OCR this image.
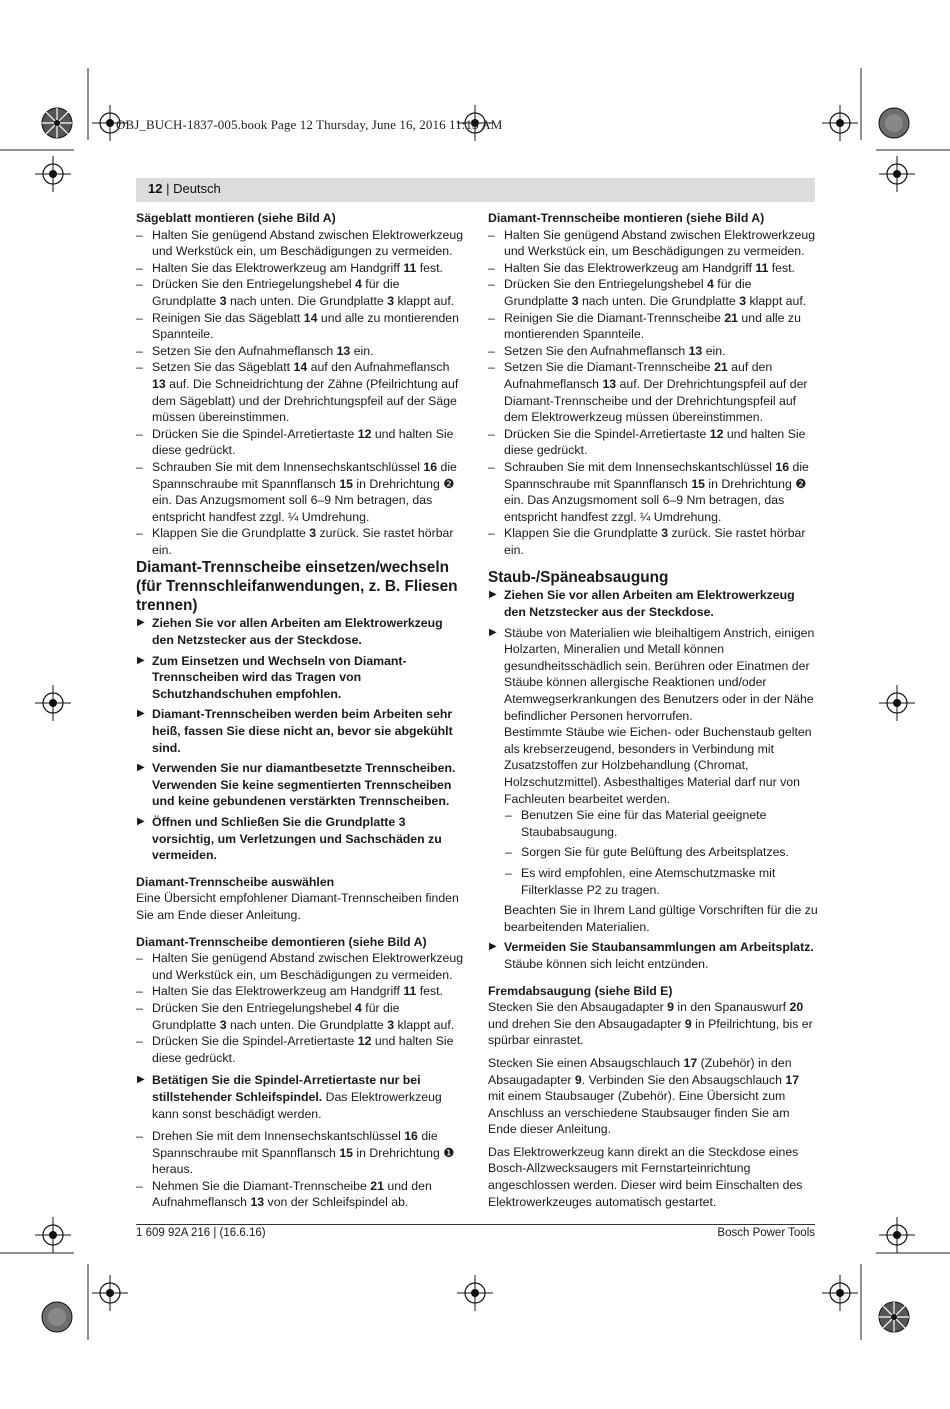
OBJ_BUCH-1837-005.book Page 12 Thursday, June 16, 2016 11:13 AM
12 | Deutsch

Sägeblatt montieren (siehe Bild A)

– Halten Sie genügend Abstand zwischen Elektrowerkzeug und Werkstück ein, um Beschädigungen zu vermeiden.
– Halten Sie das Elektrowerkzeug am Handgriff 11 fest.
– Drücken Sie den Entriegelungshebel 4 für die Grundplatte 3 nach unten. Die Grundplatte 3 klappt auf.
– Reinigen Sie das Sägeblatt 14 und alle zu montierenden Spannteile.
– Setzen Sie den Aufnahmeflansch 13 ein.
– Setzen Sie das Sägeblatt 14 auf den Aufnahmeflansch 13 auf. Die Schneidrichtung der Zähne (Pfeilrichtung auf dem Sägeblatt) und der Drehrichtungspfeil auf der Säge müssen übereinstimmen.
– Drücken Sie die Spindel-Arretiertaste 12 und halten Sie diese gedrückt.
– Schrauben Sie mit dem Innensechskantschlüssel 16 die Spannschraube mit Spannflansch 15 in Drehrichtung ❷ ein. Das Anzugsmoment soll 6–9 Nm betragen, das entspricht handfest zzgl. ¼ Umdrehung.
– Klappen Sie die Grundplatte 3 zurück. Sie rastet hörbar ein.

Diamant-Trennscheibe einsetzen/wechseln (für Trennschleifanwendungen, z. B. Fliesen trennen)

▶ Ziehen Sie vor allen Arbeiten am Elektrowerkzeug den Netzstecker aus der Steckdose.
▶ Zum Einsetzen und Wechseln von Diamant-Trennscheiben wird das Tragen von Schutzhandschuhen empfohlen.
▶ Diamant-Trennscheiben werden beim Arbeiten sehr heiß, fassen Sie diese nicht an, bevor sie abgekühlt sind.
▶ Verwenden Sie nur diamantbesetzte Trennscheiben. Verwenden Sie keine segmentierten Trennscheiben und keine gebundenen verstärkten Trennscheiben.
▶ Öffnen und Schließen Sie die Grundplatte 3 vorsichtig, um Verletzungen und Sachschäden zu vermeiden.

Diamant-Trennscheibe auswählen

Eine Übersicht empfohlener Diamant-Trennscheiben finden Sie am Ende dieser Anleitung.

Diamant-Trennscheibe demontieren (siehe Bild A)

– Halten Sie genügend Abstand zwischen Elektrowerkzeug und Werkstück ein, um Beschädigungen zu vermeiden.
– Halten Sie das Elektrowerkzeug am Handgriff 11 fest.
– Drücken Sie den Entriegelungshebel 4 für die Grundplatte 3 nach unten. Die Grundplatte 3 klappt auf.
– Drücken Sie die Spindel-Arretiertaste 12 und halten Sie diese gedrückt.
▶ Betätigen Sie die Spindel-Arretiertaste nur bei stillstehender Schleifspindel. Das Elektrowerkzeug kann sonst beschädigt werden.
– Drehen Sie mit dem Innensechskantschlüssel 16 die Spannschraube mit Spannflansch 15 in Drehrichtung ❶ heraus.
– Nehmen Sie die Diamant-Trennscheibe 21 und den Aufnahmeflansch 13 von der Schleifspindel ab.

Diamant-Trennscheibe montieren (siehe Bild A)

– Halten Sie genügend Abstand zwischen Elektrowerkzeug und Werkstück ein, um Beschädigungen zu vermeiden.
– Halten Sie das Elektrowerkzeug am Handgriff 11 fest.
– Drücken Sie den Entriegelungshebel 4 für die Grundplatte 3 nach unten. Die Grundplatte 3 klappt auf.
– Reinigen Sie die Diamant-Trennscheibe 21 und alle zu montierenden Spannteile.
– Setzen Sie den Aufnahmeflansch 13 ein.
– Setzen Sie die Diamant-Trennscheibe 21 auf den Aufnahmeflansch 13 auf. Der Drehrichtungspfeil auf der Diamant-Trennscheibe und der Drehrichtungspfeil auf dem Elektrowerkzeug müssen übereinstimmen.
– Drücken Sie die Spindel-Arretiertaste 12 und halten Sie diese gedrückt.
– Schrauben Sie mit dem Innensechskantschlüssel 16 die Spannschraube mit Spannflansch 15 in Drehrichtung ❷ ein. Das Anzugsmoment soll 6–9 Nm betragen, das entspricht handfest zzgl. ¼ Umdrehung.
– Klappen Sie die Grundplatte 3 zurück. Sie rastet hörbar ein.

Staub-/Späneabsaugung

▶ Ziehen Sie vor allen Arbeiten am Elektrowerkzeug den Netzstecker aus der Steckdose.
▶ Stäube von Materialien wie bleihaltigem Anstrich, einigen Holzarten, Mineralien und Metall können gesundheitsschädlich sein. Berühren oder Einatmen der Stäube können allergische Reaktionen und/oder Atemwegserkrankungen des Benutzers oder in der Nähe befindlicher Personen hervorrufen.
Bestimmte Stäube wie Eichen- oder Buchenstaub gelten als krebserzeugend, besonders in Verbindung mit Zusatzstoffen zur Holzbehandlung (Chromat, Holzschutzmittel). Asbesthaltiges Material darf nur von Fachleuten bearbeitet werden.
– Benutzen Sie eine für das Material geeignete Staubabsaugung.
– Sorgen Sie für gute Belüftung des Arbeitsplatzes.
– Es wird empfohlen, eine Atemschutzmaske mit Filterklasse P2 zu tragen.
Beachten Sie in Ihrem Land gültige Vorschriften für die zu bearbeitenden Materialien.
▶ Vermeiden Sie Staubansammlungen am Arbeitsplatz. Stäube können sich leicht entzünden.

Fremdabsaugung (siehe Bild E)

Stecken Sie den Absaugadapter 9 in den Spanauswurf 20 und drehen Sie den Absaugadapter 9 in Pfeilrichtung, bis er spürbar einrastet.

Stecken Sie einen Absaugschlauch 17 (Zubehör) in den Absaugadapter 9. Verbinden Sie den Absaugschlauch 17 mit einem Staubsauger (Zubehör). Eine Übersicht zum Anschluss an verschiedene Staubsauger finden Sie am Ende dieser Anleitung.

Das Elektrowerkzeug kann direkt an die Steckdose eines Bosch-Allzwecksaugers mit Fernstarteinrichtung angeschlossen werden. Dieser wird beim Einschalten des Elektrowerkzeuges automatisch gestartet.

1 609 92A 216 | (16.6.16)	Bosch Power Tools
